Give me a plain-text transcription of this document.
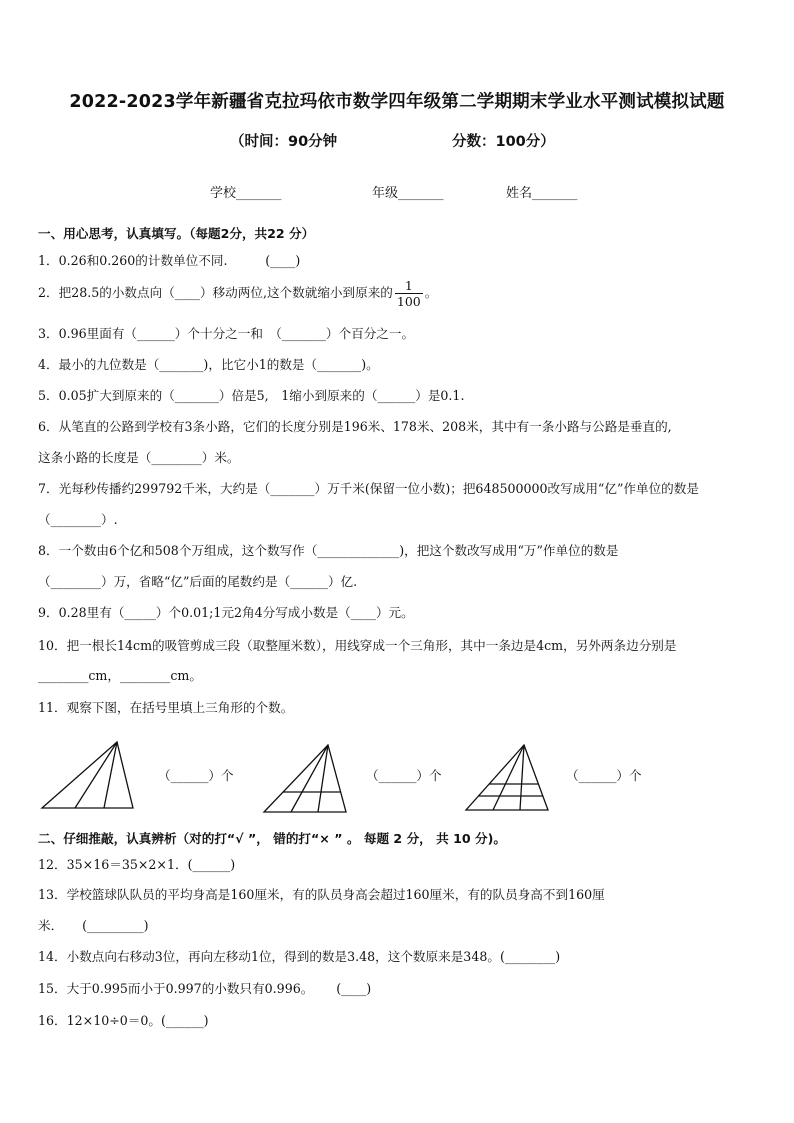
2022-2023学年新疆省克拉玛依市数学四年级第二学期期末学业水平测试模拟试题
（时间：90分钟	分数：100分）
学校_______	年级_______	姓名_______
一、用心思考，认真填写。（每题2分，共22 分）
1．0.26和0.260的计数单位不同.　　　(____)
2．把28.5的小数点向（____）移动两位,这个数就缩小到原来的 $\frac{1}{100}$ 。
3．0.96里面有（______）个十分之一和　（_______）个百分之一。
4．最小的九位数是（_______)，比它小1的数是（_______)。
5．0.05扩大到原来的（_______）倍是5,　1缩小到原来的（______）是0.1.
6．从笔直的公路到学校有3条小路，它们的长度分别是196米、178米、208米，其中有一条小路与公路是垂直的,
这条小路的长度是（________）米。
7．光每秒传播约299792千米，大约是（_______）万千米(保留一位小数)；把648500000改写成用“亿”作单位的数是
（________）.
8．一个数由6个亿和508个万组成，这个数写作（_____________)，把这个数改写成用“万”作单位的数是
（________）万，省略“亿”后面的尾数约是（______）亿.
9．0.28里有（_____）个0.01;1元2角4分写成小数是（____）元。
10．把一根长14cm的吸管剪成三段（取整厘米数），用线穿成一个三角形，其中一条边是4cm，另外两条边分别是
________cm，________cm。
11．观察下图，在括号里填上三角形的个数。
（______）个	（______）个	（______）个
二、仔细推敲，认真辨析（对的打“√ ”， 错的打“× ” 。 每题 2 分， 共 10 分)。
12．35×16＝35×2×1．(______)
13．学校篮球队队员的平均身高是160厘米，有的队员身高会超过160厘米，有的队员身高不到160厘
米．　　(_________)
14．小数点向右移动3位，再向左移动1位，得到的数是3.48，这个数原来是348。(________)
15．大于0.995而小于0.997的小数只有0.996。　　 (____)
16．12×10÷0＝0。(______)
